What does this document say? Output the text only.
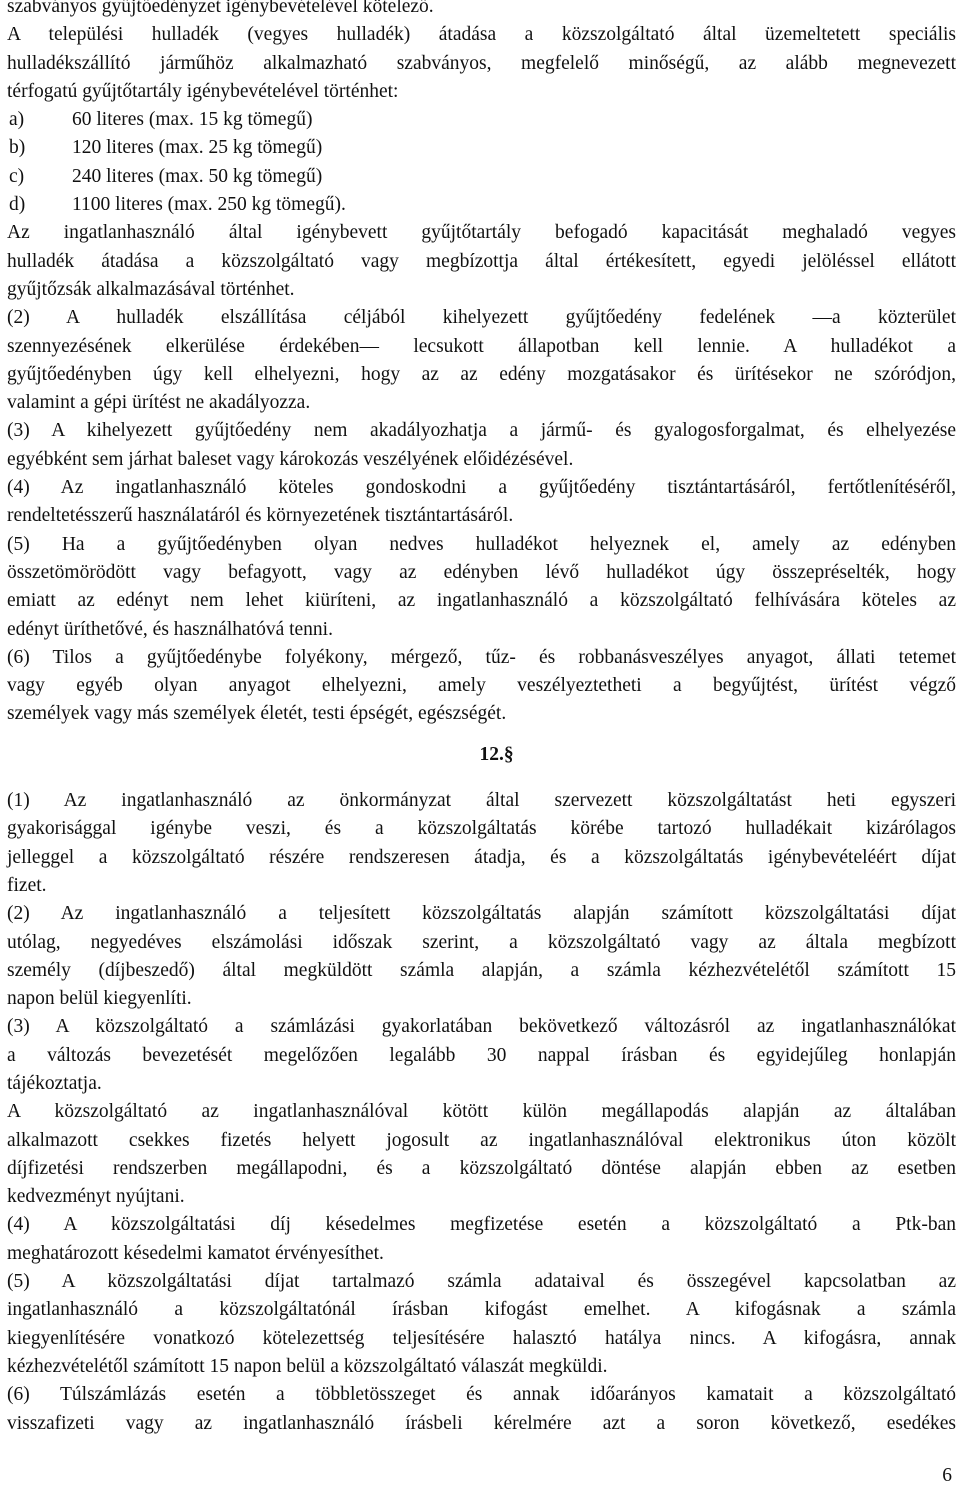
szabványos gyűjtőedényzet igénybevételével kötelező.

A települési hulladék (vegyes hulladék) átadása a közszolgáltató által üzemeltetett speciális
hulladékszállító járműhöz alkalmazható szabványos, megfelelő minőségű, az alább megnevezett
térfogatú gyűjtőtartály igénybevételével történhet:

a)	60 literes (max. 15 kg tömegű)
b)	120 literes (max. 25 kg tömegű)
c)	240 literes (max. 50 kg tömegű)
d)	1100 literes (max. 250 kg tömegű).

Az ingatlanhasználó által igénybevett gyűjtőtartály befogadó kapacitását meghaladó vegyes
hulladék átadása a közszolgáltató vagy megbízottja által értékesített, egyedi jelöléssel ellátott
gyűjtőzsák alkalmazásával történhet.

(2) A hulladék elszállítása céljából kihelyezett gyűjtőedény fedelének —a közterület
szennyezésének elkerülése érdekében— lecsukott állapotban kell lennie. A hulladékot a
gyűjtőedényben úgy kell elhelyezni, hogy az az edény mozgatásakor és ürítésekor ne szóródjon,
valamint a gépi ürítést ne akadályozza.

(3) A kihelyezett gyűjtőedény nem akadályozhatja a jármű- és gyalogosforgalmat, és elhelyezése
egyébként sem járhat baleset vagy károkozás veszélyének előidézésével.

(4) Az ingatlanhasználó köteles gondoskodni a gyűjtőedény tisztántartásáról, fertőtlenítéséről,
rendeltetésszerű használatáról és környezetének tisztántartásáról.

(5) Ha a gyűjtőedényben olyan nedves hulladékot helyeznek el, amely az edényben
összetömörödött vagy befagyott, vagy az edényben lévő hulladékot úgy összepréselték, hogy
emiatt az edényt nem lehet kiüríteni, az ingatlanhasználó a közszolgáltató felhívására köteles az
edényt üríthetővé, és használhatóvá tenni.

(6) Tilos a gyűjtőedénybe folyékony, mérgező, tűz- és robbanásveszélyes anyagot, állati tetemet
vagy egyéb olyan anyagot elhelyezni, amely veszélyeztetheti a begyűjtést, ürítést végző
személyek vagy más személyek életét, testi épségét, egészségét.

12.§

(1) Az ingatlanhasználó az önkormányzat által szervezett közszolgáltatást heti egyszeri
gyakorisággal igénybe veszi, és a közszolgáltatás körébe tartozó hulladékait kizárólagos
jelleggel a közszolgáltató részére rendszeresen átadja, és a közszolgáltatás igénybevételéért díjat
fizet.

(2) Az ingatlanhasználó a teljesített közszolgáltatás alapján számított közszolgáltatási díjat
utólag, negyedéves elszámolási időszak szerint, a közszolgáltató vagy az általa megbízott
személy (díjbeszedő) által megküldött számla alapján, a számla kézhezvételétől számított 15
napon belül kiegyenlíti.

(3) A közszolgáltató a számlázási gyakorlatában bekövetkező változásról az ingatlanhasználókat
a változás bevezetését megelőzően legalább 30 nappal írásban és egyidejűleg honlapján
tájékoztatja.

A közszolgáltató az ingatlanhasználóval kötött külön megállapodás alapján az általában
alkalmazott csekkes fizetés helyett jogosult az ingatlanhasználóval elektronikus úton közölt
díjfizetési rendszerben megállapodni, és a közszolgáltató döntése alapján ebben az esetben
kedvezményt nyújtani.

(4) A közszolgáltatási díj késedelmes megfizetése esetén a közszolgáltató a Ptk-ban
meghatározott késedelmi kamatot érvényesíthet.

(5) A közszolgáltatási díjat tartalmazó számla adataival és összegével kapcsolatban az
ingatlanhasználó a közszolgáltatónál írásban kifogást emelhet. A kifogásnak a számla
kiegyenlítésére vonatkozó kötelezettség teljesítésére halasztó hatálya nincs. A kifogásra, annak
kézhezvételétől számított 15 napon belül a közszolgáltató válaszát megküldi.

(6) Túlszámlázás esetén a többletösszeget és annak időarányos kamatait a közszolgáltató
visszafizeti vagy az ingatlanhasználó írásbeli kérelmére azt a soron következő, esedékes

6
